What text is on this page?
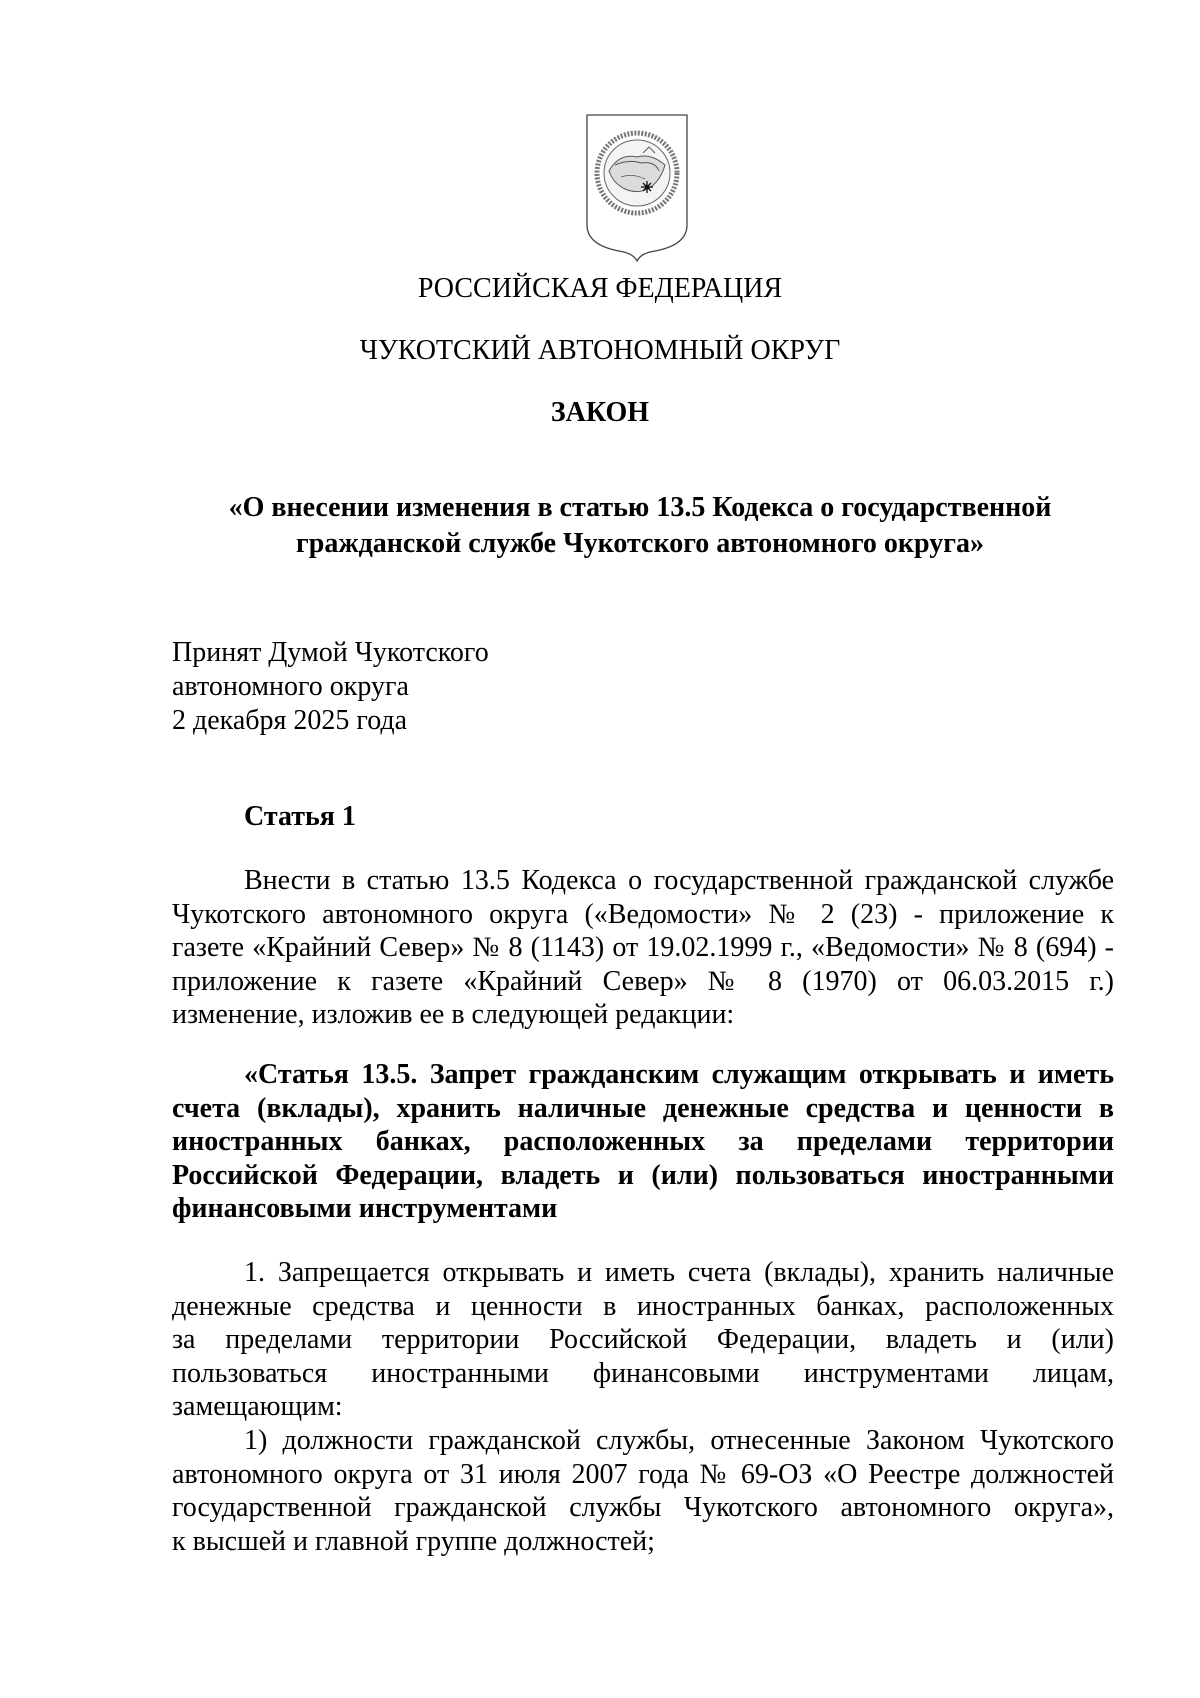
РОССИЙСКАЯ ФЕДЕРАЦИЯ
ЧУКОТСКИЙ АВТОНОМНЫЙ ОКРУГ
ЗАКОН
«О внесении изменения в статью 13.5 Кодекса о государственной
гражданской службе Чукотского автономного округа»
Принят Думой Чукотского
автономного округа
2 декабря 2025 года
Статья 1
Внести в статью 13.5 Кодекса о государственной гражданской службе
Чукотского автономного округа («Ведомости» № 2 (23) - приложение к
газете «Крайний Север» № 8 (1143) от 19.02.1999 г., «Ведомости» № 8 (694) -
приложение к газете «Крайний Север» № 8 (1970) от 06.03.2015 г.)
изменение, изложив ее в следующей редакции:
«Статья 13.5. Запрет гражданским служащим открывать и иметь
счета (вклады), хранить наличные денежные средства и ценности в
иностранных банках, расположенных за пределами территории
Российской Федерации, владеть и (или) пользоваться иностранными
финансовыми инструментами
1. Запрещается открывать и иметь счета (вклады), хранить наличные
денежные средства и ценности в иностранных банках, расположенных
за пределами территории Российской Федерации, владеть и (или)
пользоваться иностранными финансовыми инструментами лицам,
замещающим:
1) должности гражданской службы, отнесенные Законом Чукотского
автономного округа от 31 июля 2007 года № 69-ОЗ «О Реестре должностей
государственной гражданской службы Чукотского автономного округа»,
к высшей и главной группе должностей;
